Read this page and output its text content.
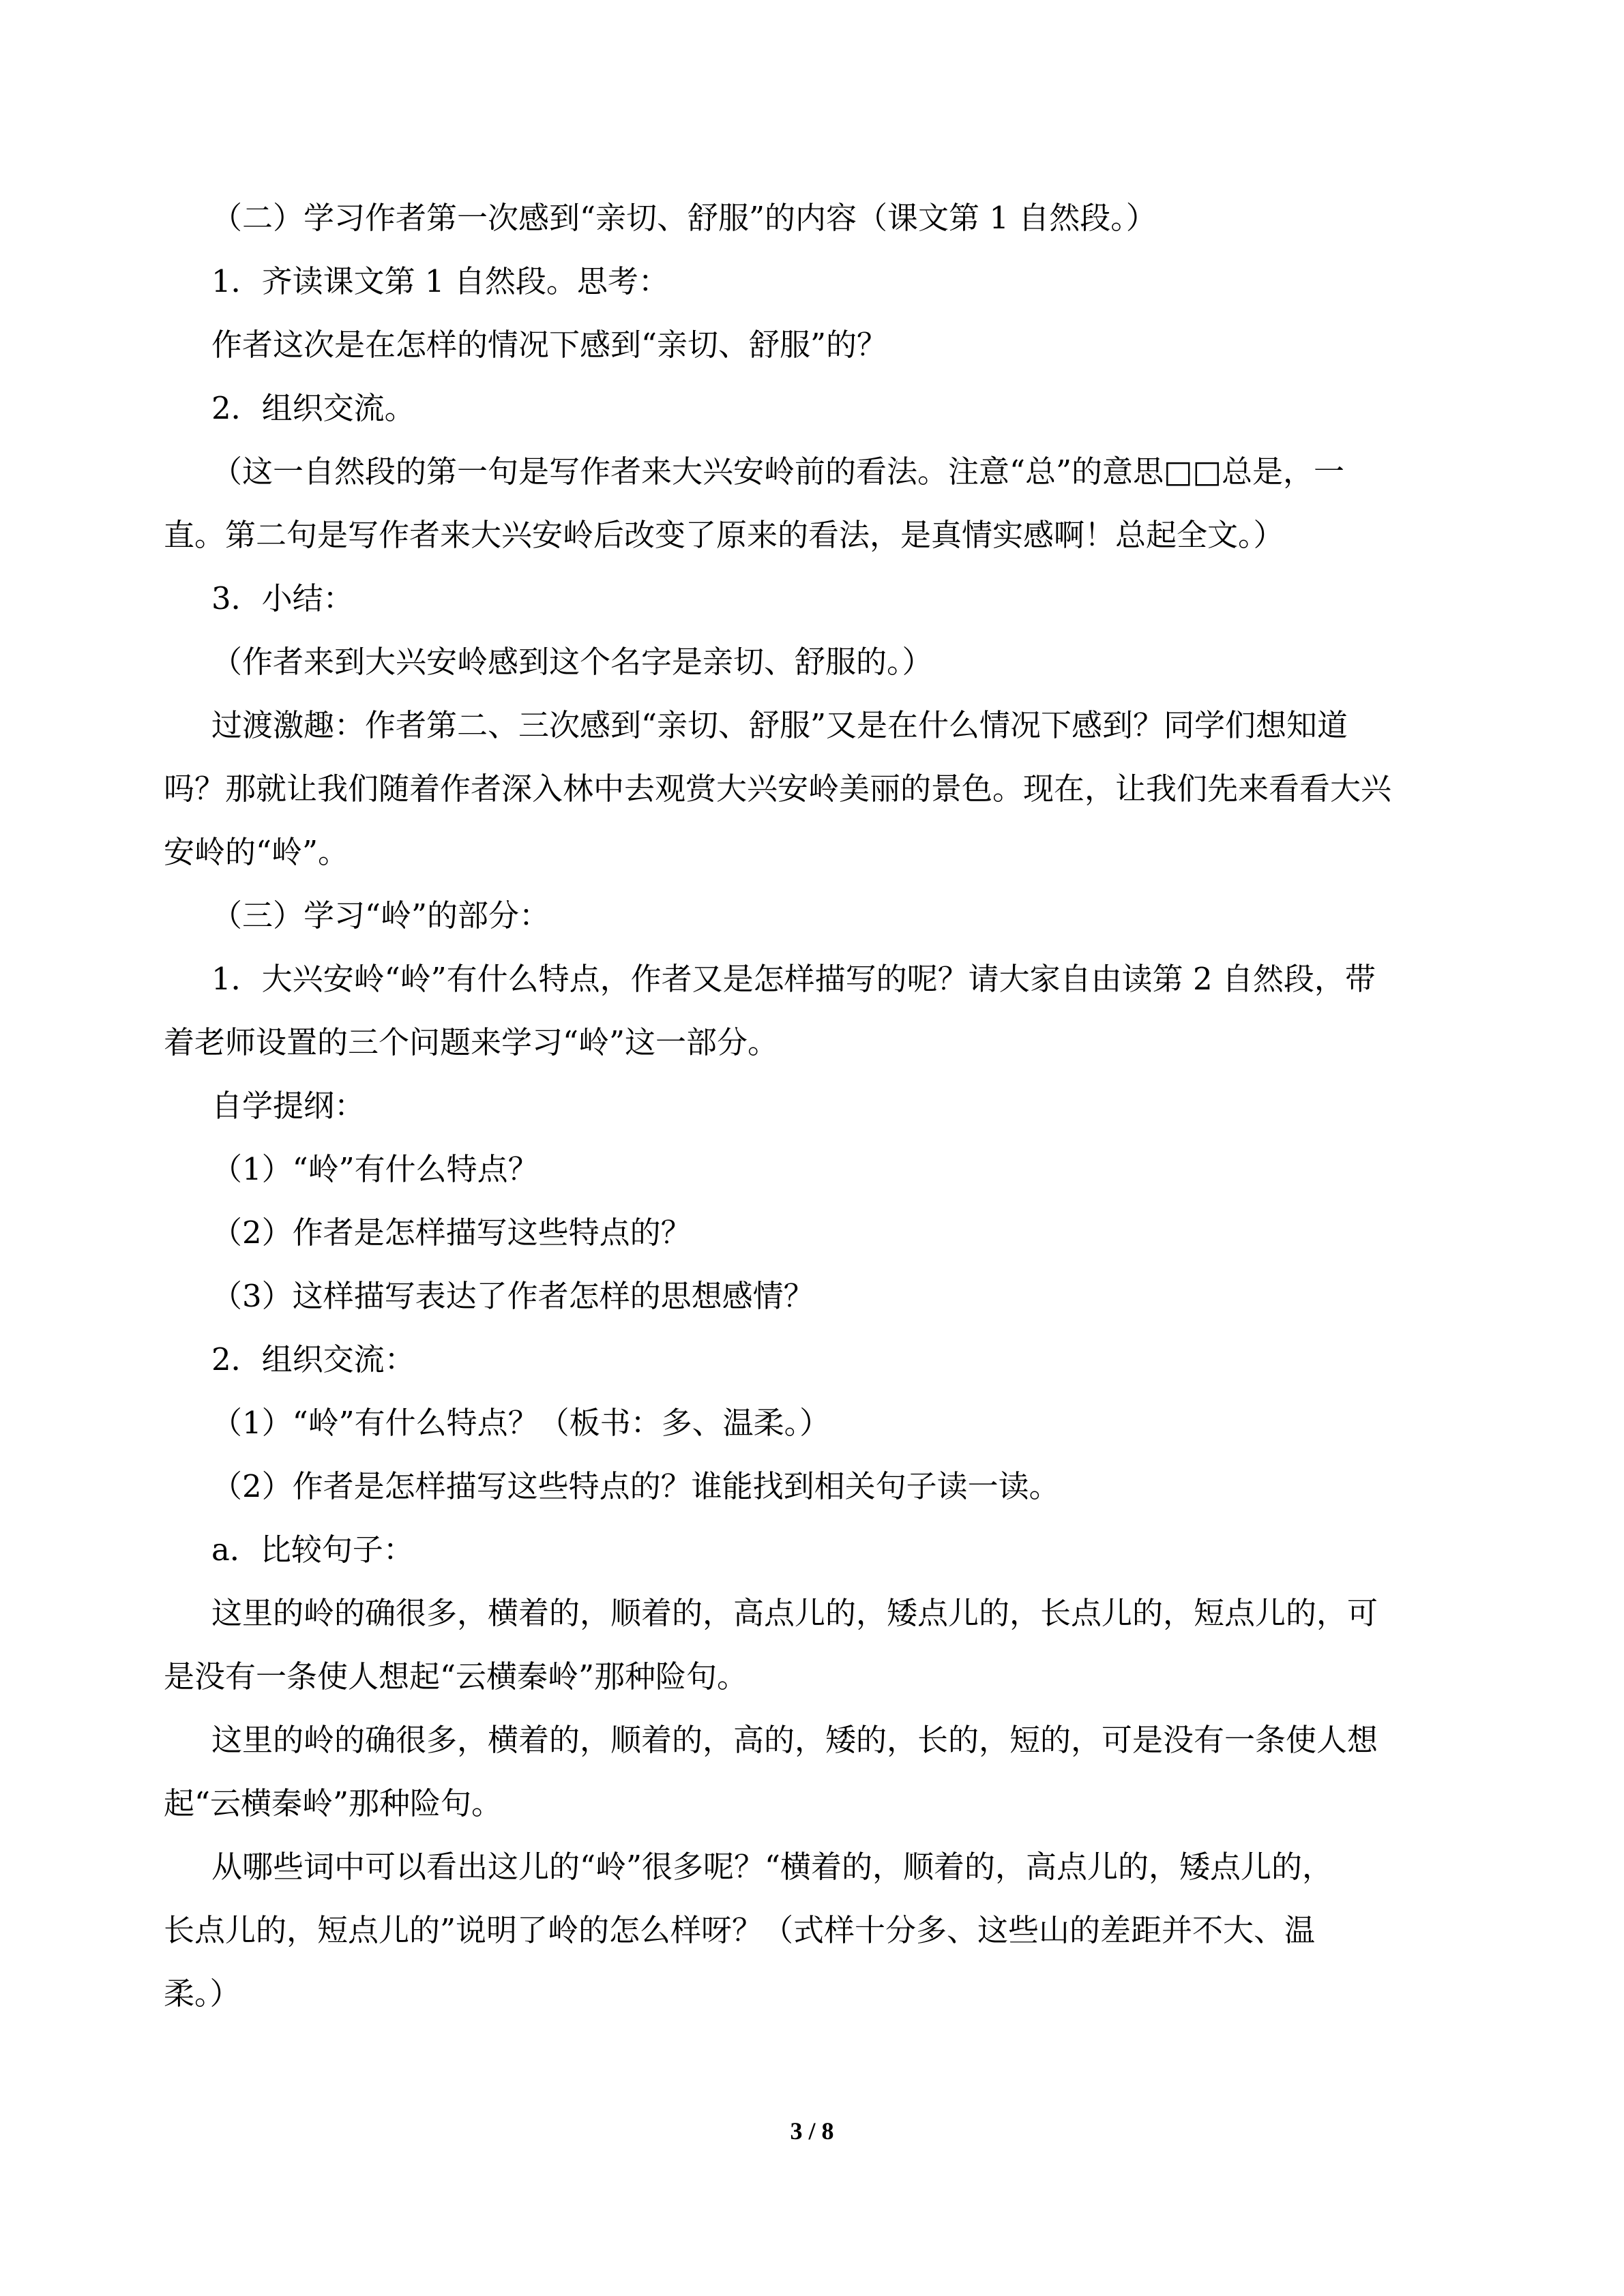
（二）学习作者第一次感到“亲切、舒服”的内容（课文第 1 自然段。）
1．齐读课文第 1 自然段。思考：
作者这次是在怎样的情况下感到“亲切、舒服”的？
2．组织交流。
（这一自然段的第一句是写作者来大兴安岭前的看法。注意“总”的意思□□总是，一
直。第二句是写作者来大兴安岭后改变了原来的看法，是真情实感啊！总起全文。）
3．小结：
（作者来到大兴安岭感到这个名字是亲切、舒服的。）
过渡激趣：作者第二、三次感到“亲切、舒服”又是在什么情况下感到？同学们想知道
吗？那就让我们随着作者深入林中去观赏大兴安岭美丽的景色。现在，让我们先来看看大兴
安岭的“岭”。
（三）学习“岭”的部分：
1．大兴安岭“岭”有什么特点，作者又是怎样描写的呢？请大家自由读第 2 自然段，带
着老师设置的三个问题来学习“岭”这一部分。
自学提纲：
（1）“岭”有什么特点？
（2）作者是怎样描写这些特点的？
（3）这样描写表达了作者怎样的思想感情？
2．组织交流：
（1）“岭”有什么特点？（板书：多、温柔。）
（2）作者是怎样描写这些特点的？谁能找到相关句子读一读。
a．比较句子：
这里的岭的确很多，横着的，顺着的，高点儿的，矮点儿的，长点儿的，短点儿的，可
是没有一条使人想起“云横秦岭”那种险句。
这里的岭的确很多，横着的，顺着的，高的，矮的，长的，短的，可是没有一条使人想
起“云横秦岭”那种险句。
从哪些词中可以看出这儿的“岭”很多呢？“横着的，顺着的，高点儿的，矮点儿的，
长点儿的，短点儿的”说明了岭的怎么样呀？（式样十分多、这些山的差距并不大、温
柔。）
3 / 8
